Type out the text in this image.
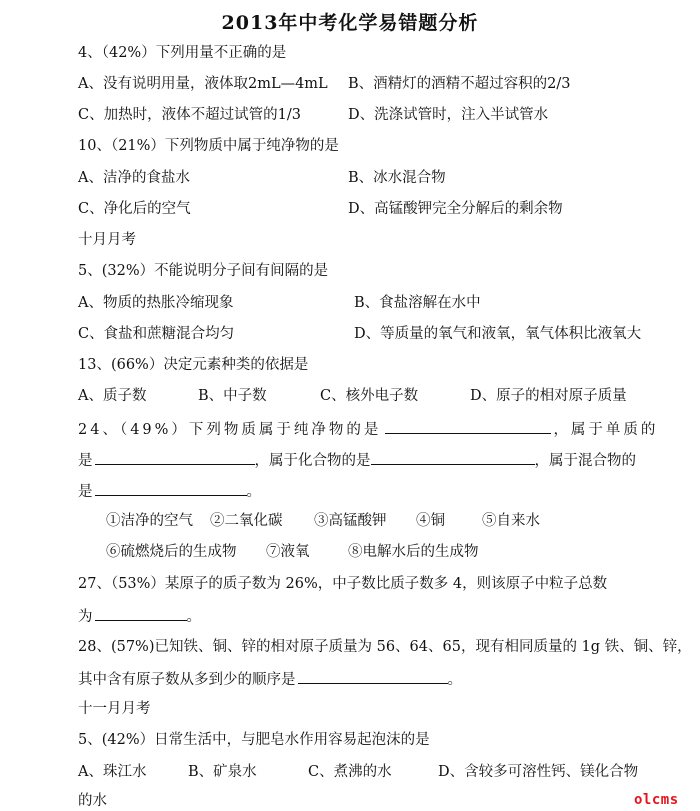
2013年中考化学易错题分析
4、（42%）下列用量不正确的是
A、没有说明用量，液体取2mL—4mL B、酒精灯的酒精不超过容积的2/3
C、加热时，液体不超过试管的1/3	D、洗涤试管时，注入半试管水
10、（21%）下列物质中属于纯净物的是
A、洁净的食盐水	B、冰水混合物
C、净化后的空气	D、高锰酸钾完全分解后的剩余物
十月月考
5、(32%）不能说明分子间有间隔的是
A、物质的热胀冷缩现象	B、食盐溶解在水中
C、食盐和蔗糖混合均匀	D、等质量的氧气和液氧，氧气体积比液氧大
13、(66%）决定元素种类的依据是
A、质子数	B、中子数	C、核外电子数	D、原子的相对原子质量
24、（49%）下列物质属于纯净物的是	，属于单质的
是	，属于化合物的是	，属于混合物的
是	。
①洁净的空气 ②二氧化碳 ③高锰酸钾 ④铜	⑤自来水
⑥硫燃烧后的生成物 ⑦液氧	⑧电解水后的生成物
27、（53%）某原子的质子数为 26%，中子数比质子数多 4，则该原子中粒子总数
为	。
28、(57%)已知铁、铜、锌的相对原子质量为 56、64、65，现有相同质量的 1g 铁、铜、锌，
其中含有原子数从多到少的顺序是	。
十一月月考
5、(42%）日常生活中，与肥皂水作用容易起泡沫的是
A、珠江水	B、矿泉水	C、煮沸的水	D、含较多可溶性钙、镁化合物
的水	olcms
